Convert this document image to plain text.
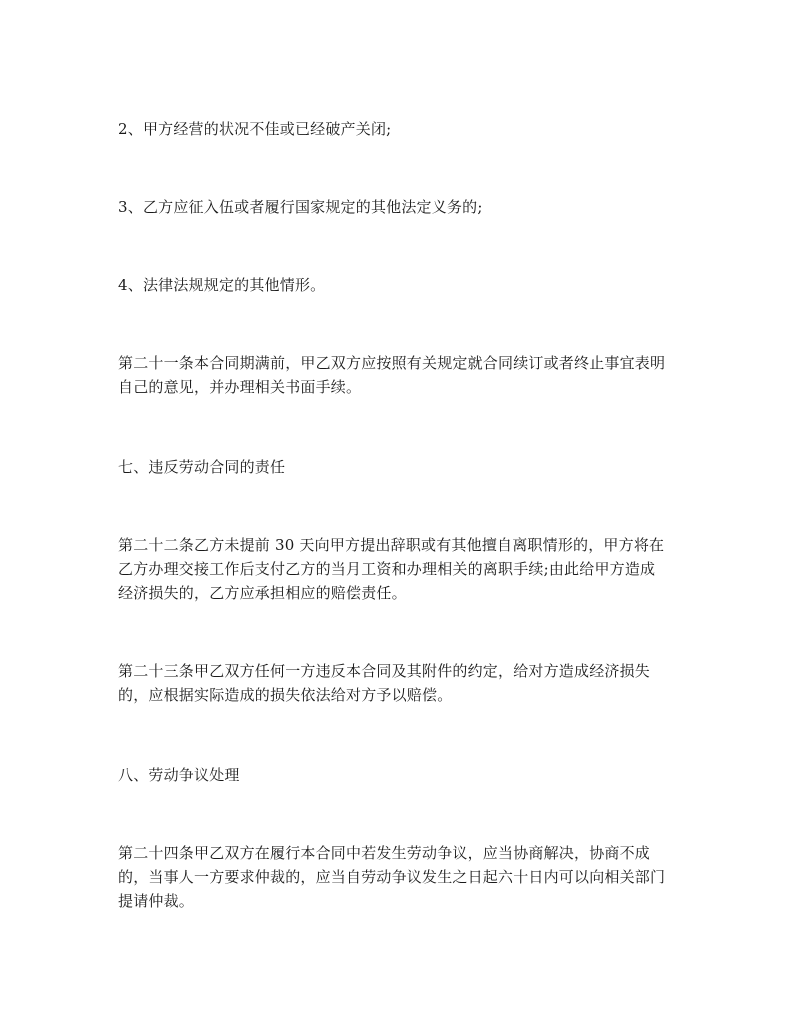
2、甲方经营的状况不佳或已经破产关闭;

3、乙方应征入伍或者履行国家规定的其他法定义务的;

4、法律法规规定的其他情形。

第二十一条本合同期满前，甲乙双方应按照有关规定就合同续订或者终止事宜表明
自己的意见，并办理相关书面手续。

七、违反劳动合同的责任

第二十二条乙方未提前 30 天向甲方提出辞职或有其他擅自离职情形的，甲方将在
乙方办理交接工作后支付乙方的当月工资和办理相关的离职手续;由此给甲方造成
经济损失的，乙方应承担相应的赔偿责任。

第二十三条甲乙双方任何一方违反本合同及其附件的约定，给对方造成经济损失
的，应根据实际造成的损失依法给对方予以赔偿。

八、劳动争议处理

第二十四条甲乙双方在履行本合同中若发生劳动争议，应当协商解决，协商不成
的，当事人一方要求仲裁的，应当自劳动争议发生之日起六十日内可以向相关部门
提请仲裁。
